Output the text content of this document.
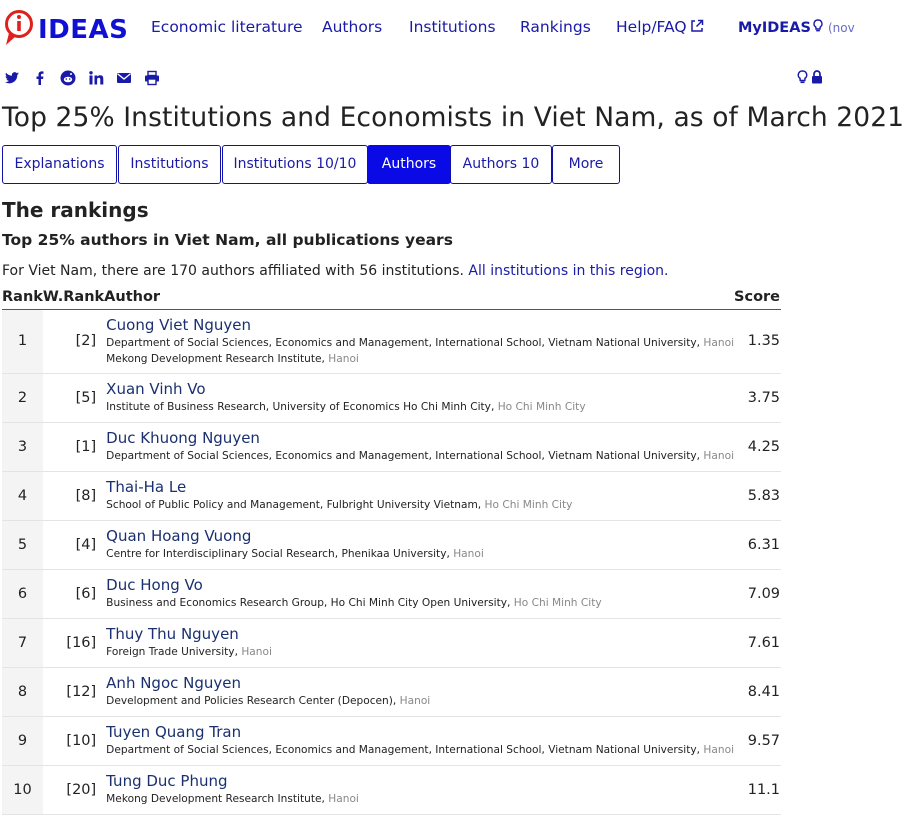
IDEAS Economic literature Authors Institutions Rankings Help/FAQ	MyIDEAS (nov
Top 25% Institutions and Economists in Viet Nam, as of March 2021
Explanations	Institutions	Institutions 10/10	Authors	Authors 10	More
The rankings
Top 25% authors in Viet Nam, all publications years

For Viet Nam, there are 170 authors affiliated with 56 institutions. All institutions in this region.

Rank	W.Rank	Author	Score
1	[2]	Cuong Viet Nguyen
Department of Social Sciences, Economics and Management, International School, Vietnam National University, Hanoi
Mekong Development Research Institute, Hanoi	1.35
2	[5]	Xuan Vinh Vo
Institute of Business Research, University of Economics Ho Chi Minh City, Ho Chi Minh City	3.75
3	[1]	Duc Khuong Nguyen
Department of Social Sciences, Economics and Management, International School, Vietnam National University, Hanoi	4.25
4	[8]	Thai-Ha Le
School of Public Policy and Management, Fulbright University Vietnam, Ho Chi Minh City	5.83
5	[4]	Quan Hoang Vuong
Centre for Interdisciplinary Social Research, Phenikaa University, Hanoi	6.31
6	[6]	Duc Hong Vo
Business and Economics Research Group, Ho Chi Minh City Open University, Ho Chi Minh City	7.09
7	[16]	Thuy Thu Nguyen
Foreign Trade University, Hanoi	7.61
8	[12]	Anh Ngoc Nguyen
Development and Policies Research Center (Depocen), Hanoi	8.41
9	[10]	Tuyen Quang Tran
Department of Social Sciences, Economics and Management, International School, Vietnam National University, Hanoi	9.57
10	[20]	Tung Duc Phung
Mekong Development Research Institute, Hanoi	11.1
